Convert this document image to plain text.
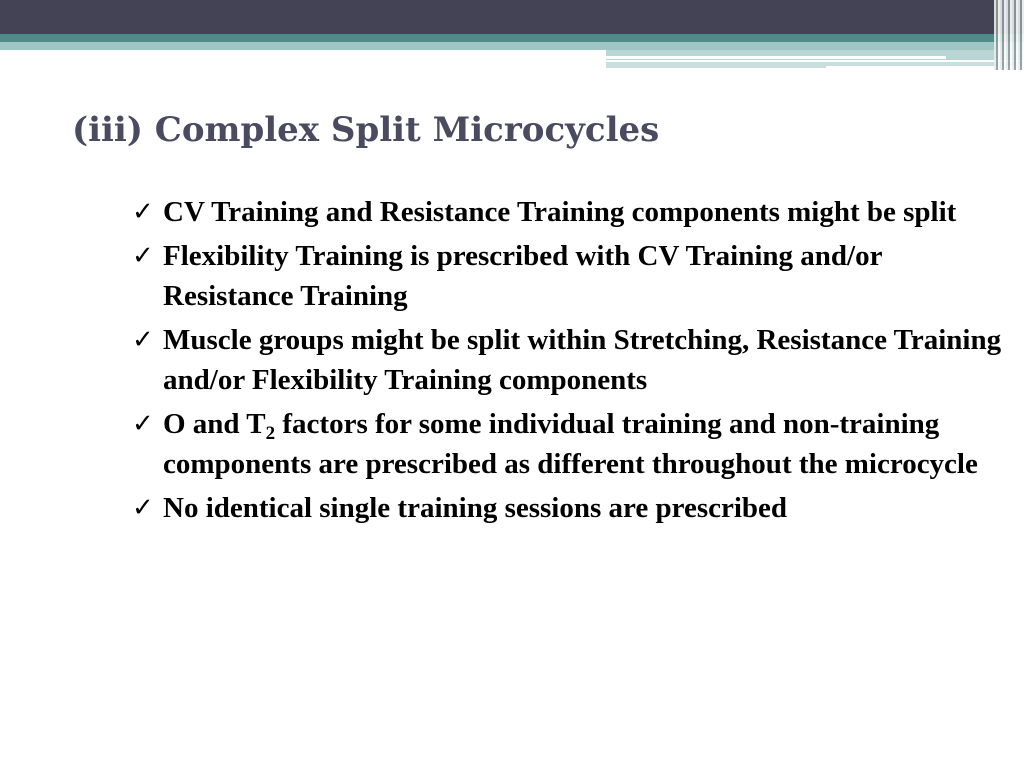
(iii) Complex Split Microcycles
✓ CV Training and Resistance Training components might be split
✓ Flexibility Training is prescribed with CV Training and/or Resistance Training
✓ Muscle groups might be split within Stretching, Resistance Training and/or Flexibility Training components
✓ O and $T_2$ factors for some individual training and non-training components are prescribed as different throughout the microcycle
✓ No identical single training sessions are prescribed
